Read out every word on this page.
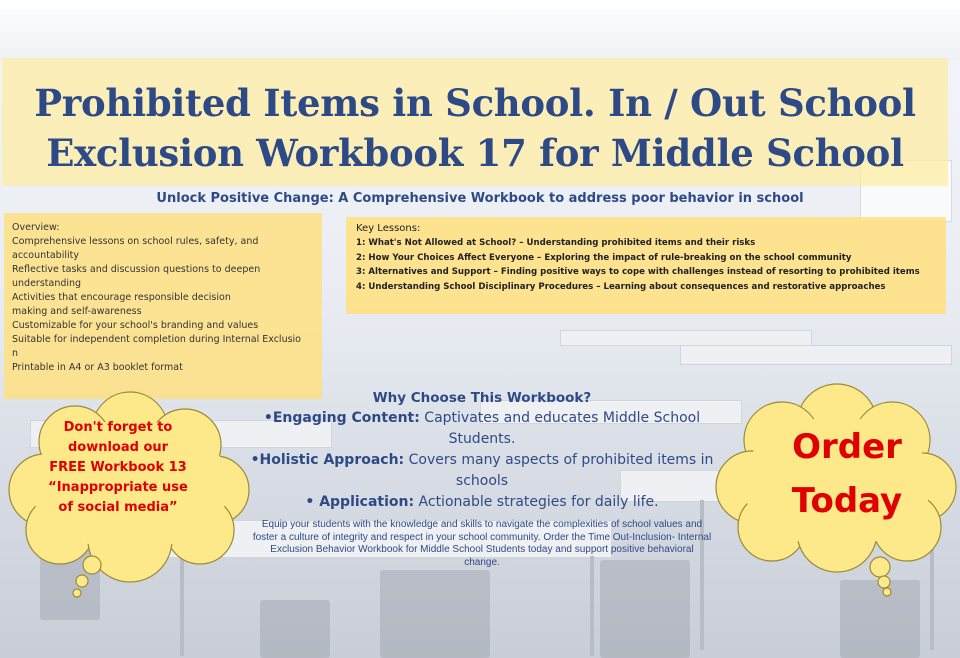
Prohibited Items in School. In / Out School
Exclusion Workbook 17 for Middle School
Unlock Positive Change: A Comprehensive Workbook to address poor behavior in school
Overview:
Comprehensive lessons on school rules, safety, and
accountability
Reflective tasks and discussion questions to deepen
understanding
Activities that encourage responsible decision
making and self-awareness
Customizable for your school's branding and values
Suitable for independent completion during Internal Exclusio
n
Printable in A4 or A3 booklet format
Key Lessons:
1: What's Not Allowed at School? – Understanding prohibited items and their risks
2: How Your Choices Affect Everyone – Exploring the impact of rule-breaking on the school community
3: Alternatives and Support – Finding positive ways to cope with challenges instead of resorting to prohibited items
4: Understanding School Disciplinary Procedures – Learning about consequences and restorative approaches
Why Choose This Workbook?
•Engaging Content: Captivates and educates Middle School Students.
•Holistic Approach: Covers many aspects of prohibited items in schools
• Application: Actionable strategies for daily life.
Equip your students with the knowledge and skills to navigate the complexities of school values and foster a culture of integrity and respect in your school community. Order the Time Out-Inclusion- Internal Exclusion Behavior Workbook for Middle School Students today and support positive behavioral change.
Don't forget to download our FREE Workbook 13 “Inappropriate use of social media”
Order
Today
